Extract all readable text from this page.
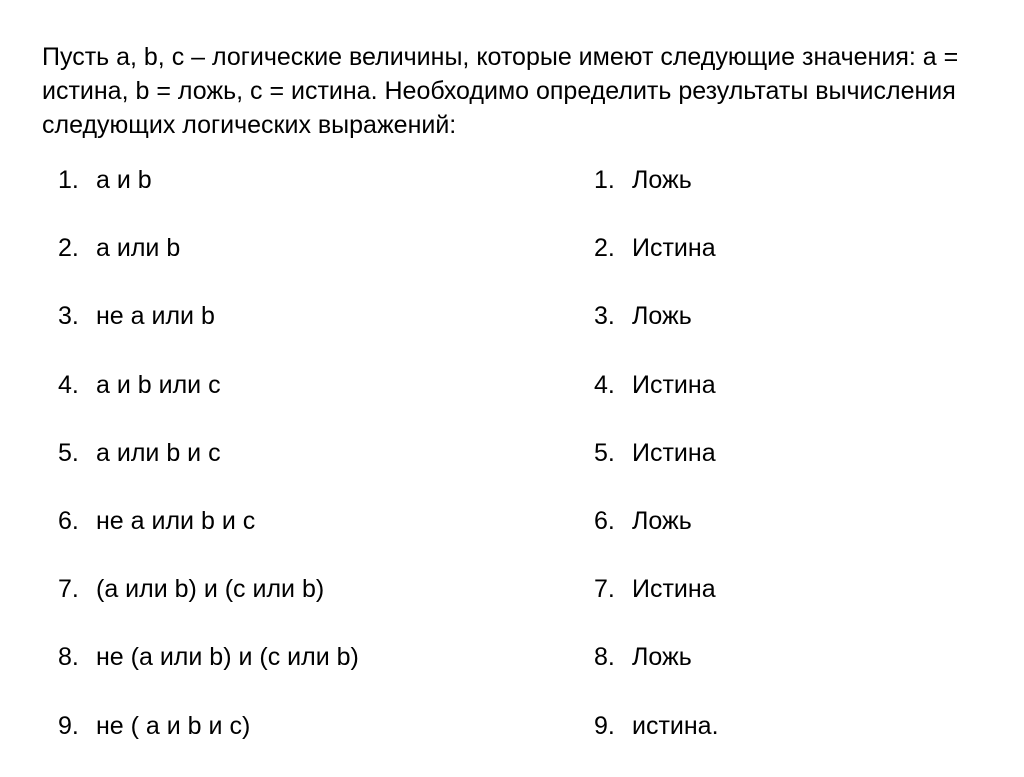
Пусть a, b, c – логические величины, которые имеют следующие значения: a = истина, b = ложь, c = истина. Необходимо определить результаты вычисления следующих логических выражений:

1. a и b
2. a или b
3. не a или b
4. a и b или c
5. a или b и c
6. не a или b и c
7. (a или b) и (c или b)
8. не (a или b) и (c или b)
9. не ( a и b и c)
1. Ложь
2. Истина
3. Ложь
4. Истина
5. Истина
6. Ложь
7. Истина
8. Ложь
9. истина.
